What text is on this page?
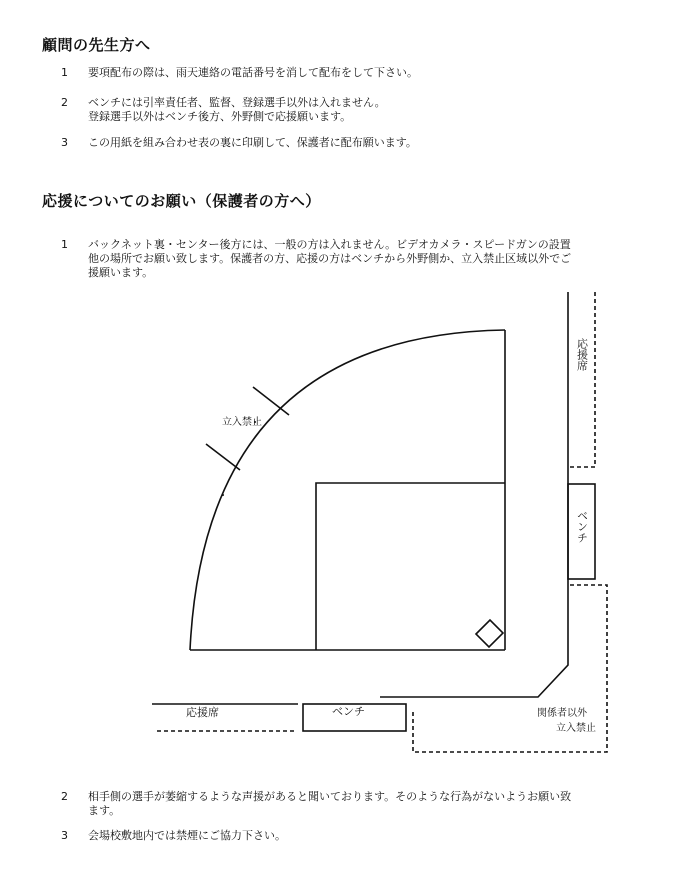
顧問の先生方へ
1 要項配布の際は、雨天連絡の電話番号を消して配布をして下さい。
2 ベンチには引率責任者、監督、登録選手以外は入れません。
登録選手以外はベンチ後方、外野側で応援願います。
3 この用紙を組み合わせ表の裏に印刷して、保護者に配布願います。
応援についてのお願い（保護者の方へ）
1 バックネット裏・センター後方には、一般の方は入れません。ビデオカメラ・スピードガンの設置
他の場所でお願い致します。保護者の方、応援の方はベンチから外野側か、立入禁止区域以外でご
援願います。
立入禁止
応援席
ベンチ
応援席	ベンチ	関係者以外
立入禁止
2 相手側の選手が萎縮するような声援があると聞いております。そのような行為がないようお願い致
ます。
3 会場校敷地内では禁煙にご協力下さい。
